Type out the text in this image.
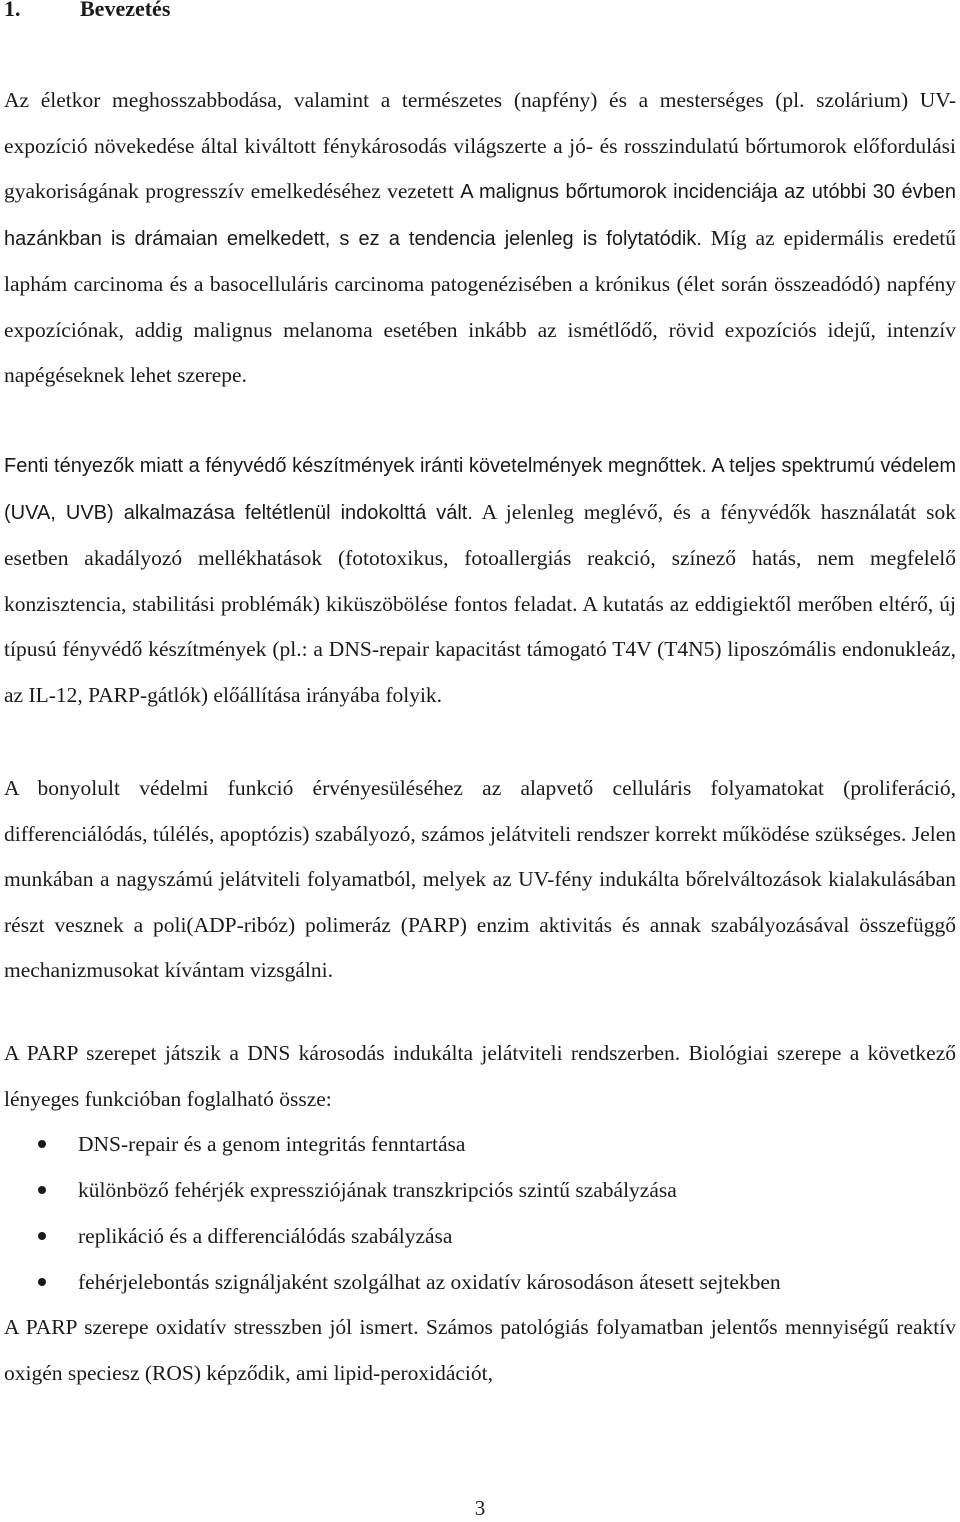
1.	Bevezetés

Az életkor meghosszabbodása, valamint a természetes (napfény) és a mesterséges (pl. szolárium) UV-expozíció növekedése által kiváltott fénykárosodás világszerte a jó- és rosszindulatú bőrtumorok előfordulási gyakoriságának progresszív emelkedéséhez vezetett A malignus bőrtumorok incidenciája az utóbbi 30 évben hazánkban is drámaian emelkedett, s ez a tendencia jelenleg is folytatódik. Míg az epidermális eredetű laphám carcinoma és a basocelluláris carcinoma patogenézisében a krónikus (élet során összeadódó) napfény expozíciónak, addig malignus melanoma esetében inkább az ismétlődő, rövid expozíciós idejű, intenzív napégéseknek lehet szerepe.

Fenti tényezők miatt a fényvédő készítmények iránti követelmények megnőttek. A teljes spektrumú védelem (UVA, UVB) alkalmazása feltétlenül indokolttá vált. A jelenleg meglévő, és a fényvédők használatát sok esetben akadályozó mellékhatások (fototoxikus, fotoallergiás reakció, színező hatás, nem megfelelő konzisztencia, stabilitási problémák) kiküszöbölése fontos feladat. A kutatás az eddigiektől merőben eltérő, új típusú fényvédő készítmények (pl.: a DNS-repair kapacitást támogató T4V (T4N5) liposzómális endonukleáz, az IL-12, PARP-gátlók) előállítása irányába folyik.

A bonyolult védelmi funkció érvényesüléséhez az alapvető celluláris folyamatokat (proliferáció, differenciálódás, túlélés, apoptózis) szabályozó, számos jelátviteli rendszer korrekt működése szükséges. Jelen munkában a nagyszámú jelátviteli folyamatból, melyek az UV-fény indukálta bőrelváltozások kialakulásában részt vesznek a poli(ADP-ribóz) polimeráz (PARP) enzim aktivitás és annak szabályozásával összefüggő mechanizmusokat kívántam vizsgálni.

A PARP szerepet játszik a DNS károsodás indukálta jelátviteli rendszerben. Biológiai szerepe a következő lényeges funkcióban foglalható össze:

DNS-repair és a genom integritás fenntartása
különböző fehérjék expressziójának transzkripciós szintű szabályzása
replikáció és a differenciálódás szabályzása
fehérjelebontás szignáljaként szolgálhat az oxidatív károsodáson átesett sejtekben

A PARP szerepe oxidatív stresszben jól ismert. Számos patológiás folyamatban jelentős mennyiségű reaktív oxigén speciesz (ROS) képződik, ami lipid-peroxidációt,

3
